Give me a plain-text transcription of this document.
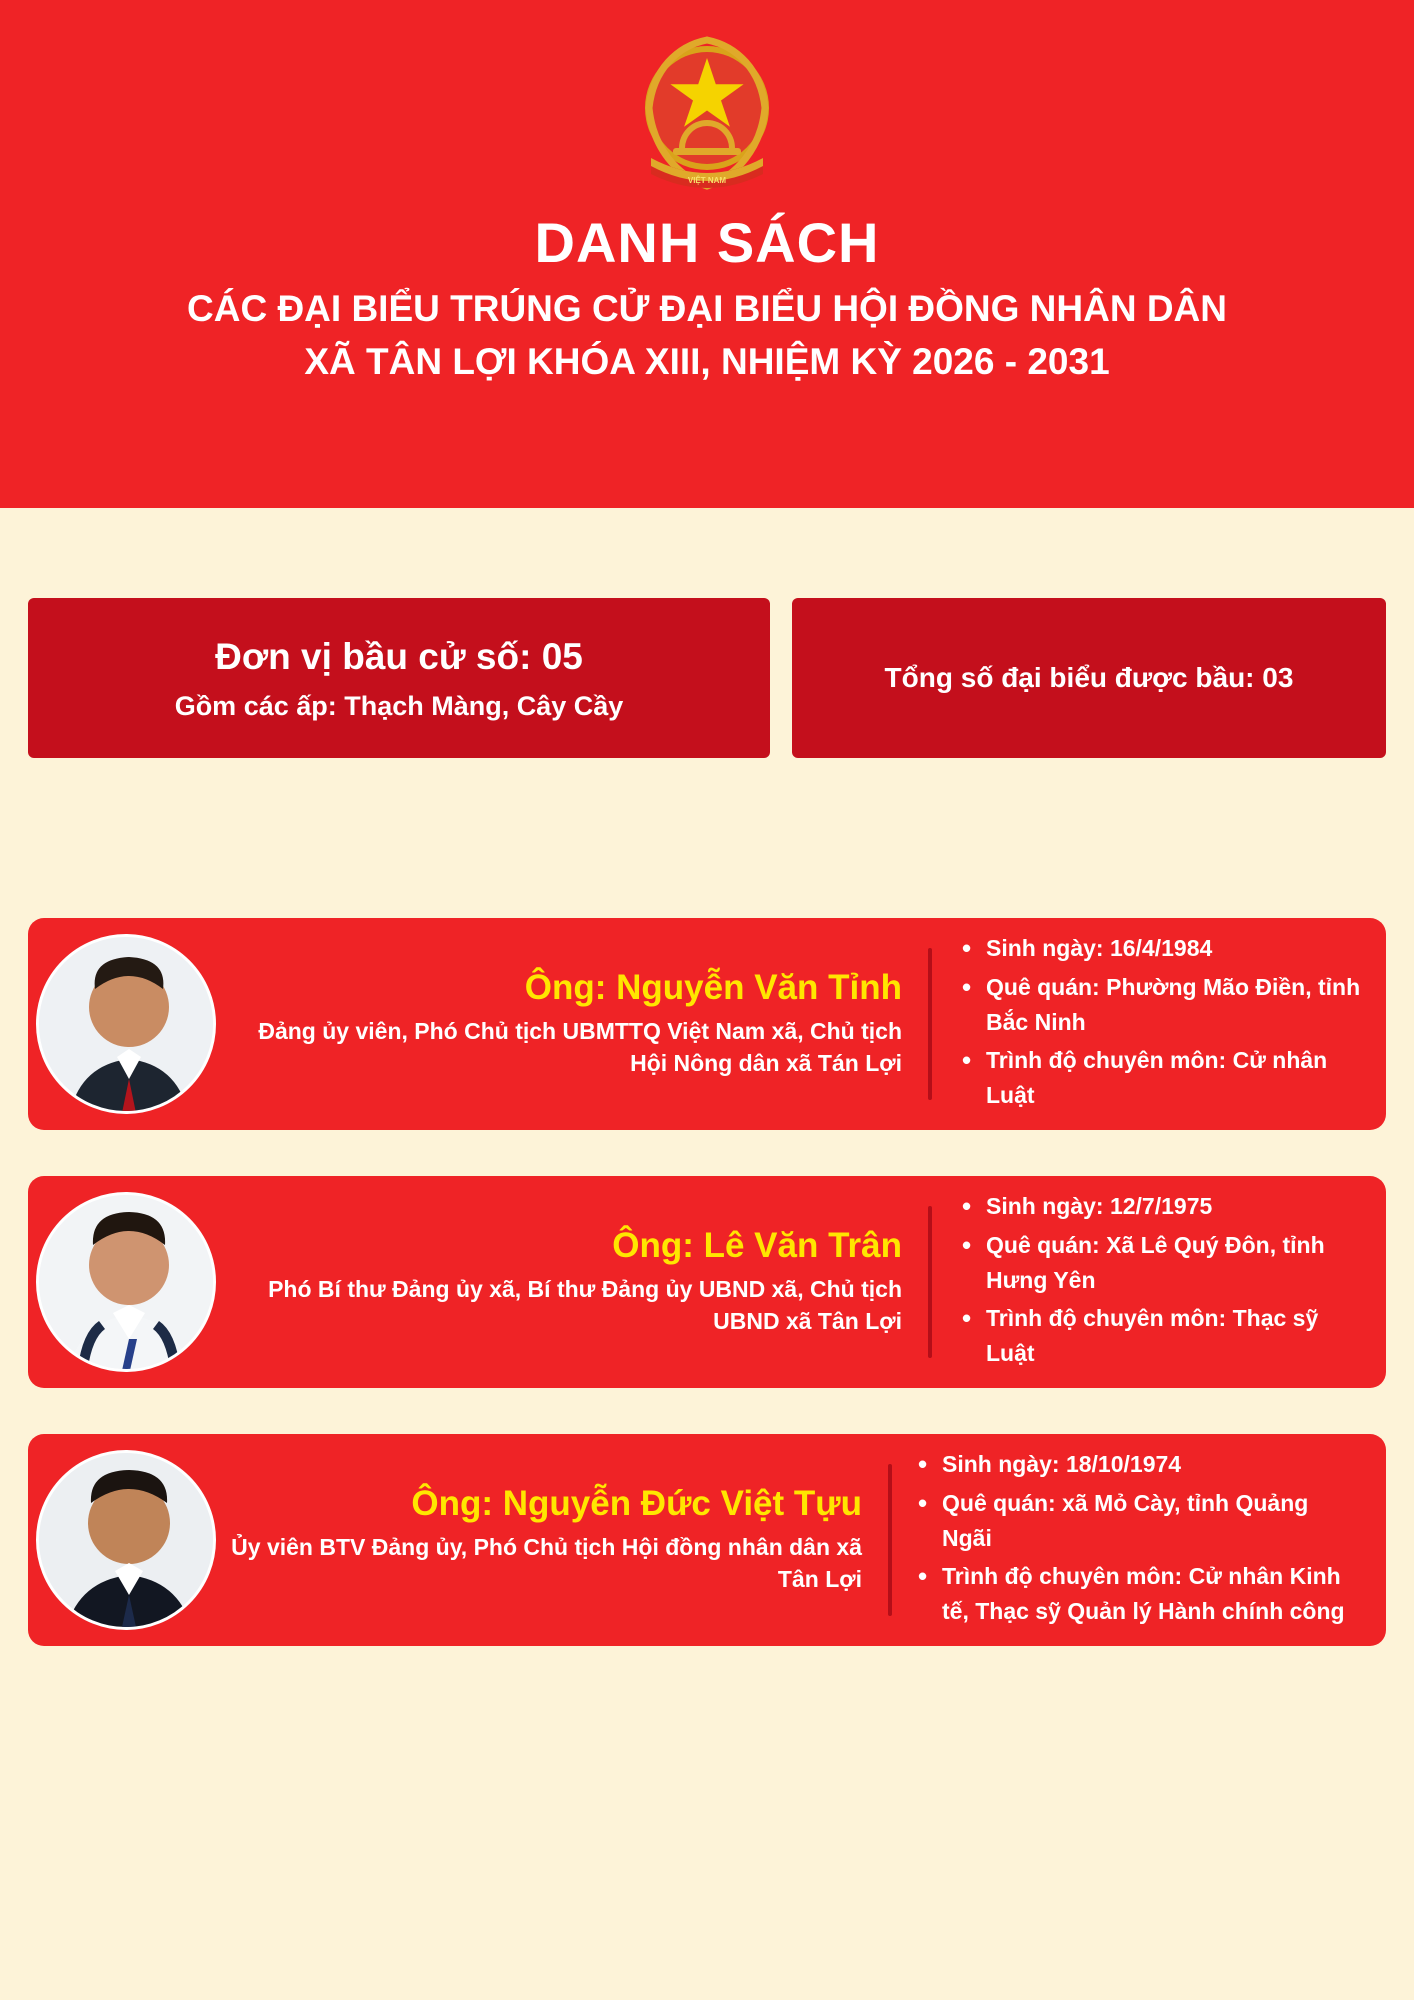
VIỆT NAM
DANH SÁCH
CÁC ĐẠI BIỂU TRÚNG CỬ ĐẠI BIỂU HỘI ĐỒNG NHÂN DÂN
XÃ TÂN LỢI KHÓA XIII, NHIỆM KỲ 2026 - 2031
Đơn vị bầu cử số: 05
Gồm các ấp: Thạch Màng, Cây Cầy
Tổng số đại biểu được bầu: 03
Ông: Nguyễn Văn Tỉnh
Đảng ủy viên, Phó Chủ tịch UBMTTQ Việt Nam xã, Chủ tịch Hội Nông dân xã Tán Lợi
• Sinh ngày: 16/4/1984
• Quê quán: Phường Mão Điền, tỉnh Bắc Ninh
• Trình độ chuyên môn: Cử nhân Luật
Ông: Lê Văn Trân
Phó Bí thư Đảng ủy xã, Bí thư Đảng ủy UBND xã, Chủ tịch UBND xã Tân Lợi
• Sinh ngày: 12/7/1975
• Quê quán: Xã Lê Quý Đôn, tỉnh Hưng Yên
• Trình độ chuyên môn: Thạc sỹ Luật
Ông: Nguyễn Đức Việt Tựu
Ủy viên BTV Đảng ủy, Phó Chủ tịch Hội đồng nhân dân xã Tân Lợi
• Sinh ngày: 18/10/1974
• Quê quán: xã Mỏ Cày, tỉnh Quảng Ngãi
• Trình độ chuyên môn: Cử nhân Kinh tế, Thạc sỹ Quản lý Hành chính công
